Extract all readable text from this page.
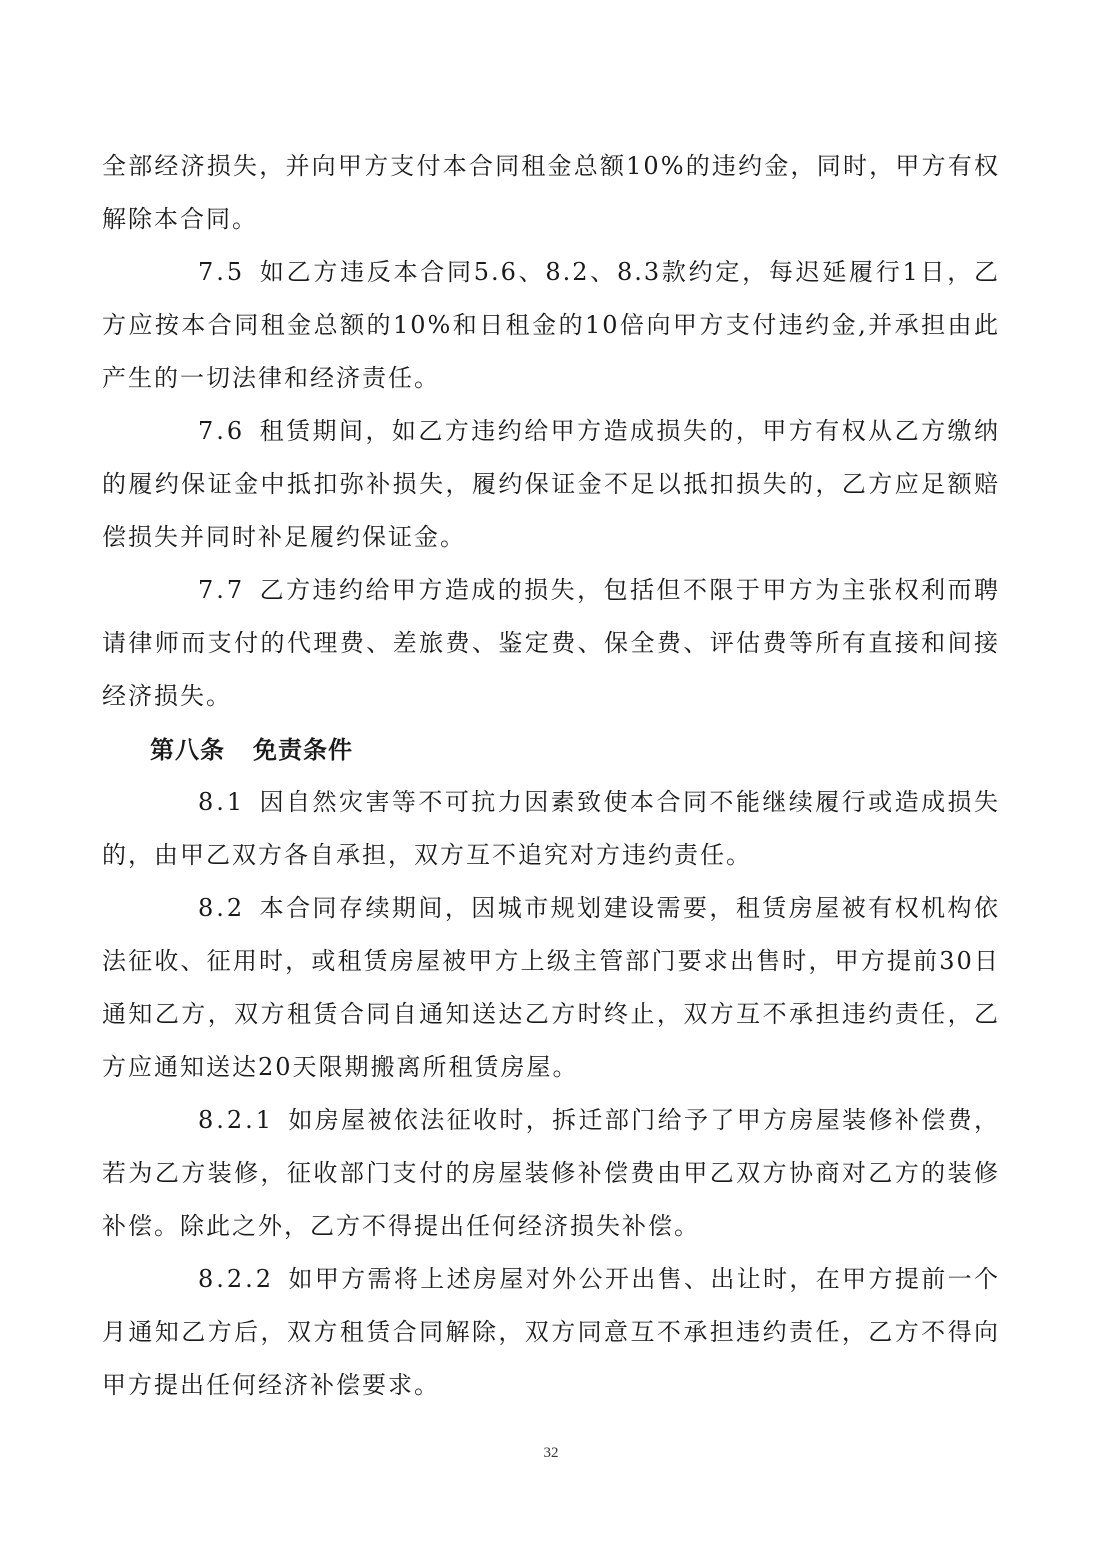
全部经济损失，并向甲方支付本合同租金总额10%的违约金，同时，甲方有权解除本合同。

7.5 如乙方违反本合同5.6、8.2、8.3款约定，每迟延履行1日，乙方应按本合同租金总额的10%和日租金的10倍向甲方支付违约金,并承担由此产生的一切法律和经济责任。

7.6 租赁期间，如乙方违约给甲方造成损失的，甲方有权从乙方缴纳的履约保证金中抵扣弥补损失，履约保证金不足以抵扣损失的，乙方应足额赔偿损失并同时补足履约保证金。

7.7 乙方违约给甲方造成的损失，包括但不限于甲方为主张权利而聘请律师而支付的代理费、差旅费、鉴定费、保全费、评估费等所有直接和间接经济损失。

第八条 免责条件

8.1 因自然灾害等不可抗力因素致使本合同不能继续履行或造成损失的，由甲乙双方各自承担，双方互不追究对方违约责任。

8.2 本合同存续期间，因城市规划建设需要，租赁房屋被有权机构依法征收、征用时，或租赁房屋被甲方上级主管部门要求出售时，甲方提前30日通知乙方，双方租赁合同自通知送达乙方时终止，双方互不承担违约责任，乙方应通知送达20天限期搬离所租赁房屋。

8.2.1 如房屋被依法征收时，拆迁部门给予了甲方房屋装修补偿费，若为乙方装修，征收部门支付的房屋装修补偿费由甲乙双方协商对乙方的装修补偿。除此之外，乙方不得提出任何经济损失补偿。

8.2.2 如甲方需将上述房屋对外公开出售、出让时，在甲方提前一个月通知乙方后，双方租赁合同解除，双方同意互不承担违约责任，乙方不得向甲方提出任何经济补偿要求。

32
